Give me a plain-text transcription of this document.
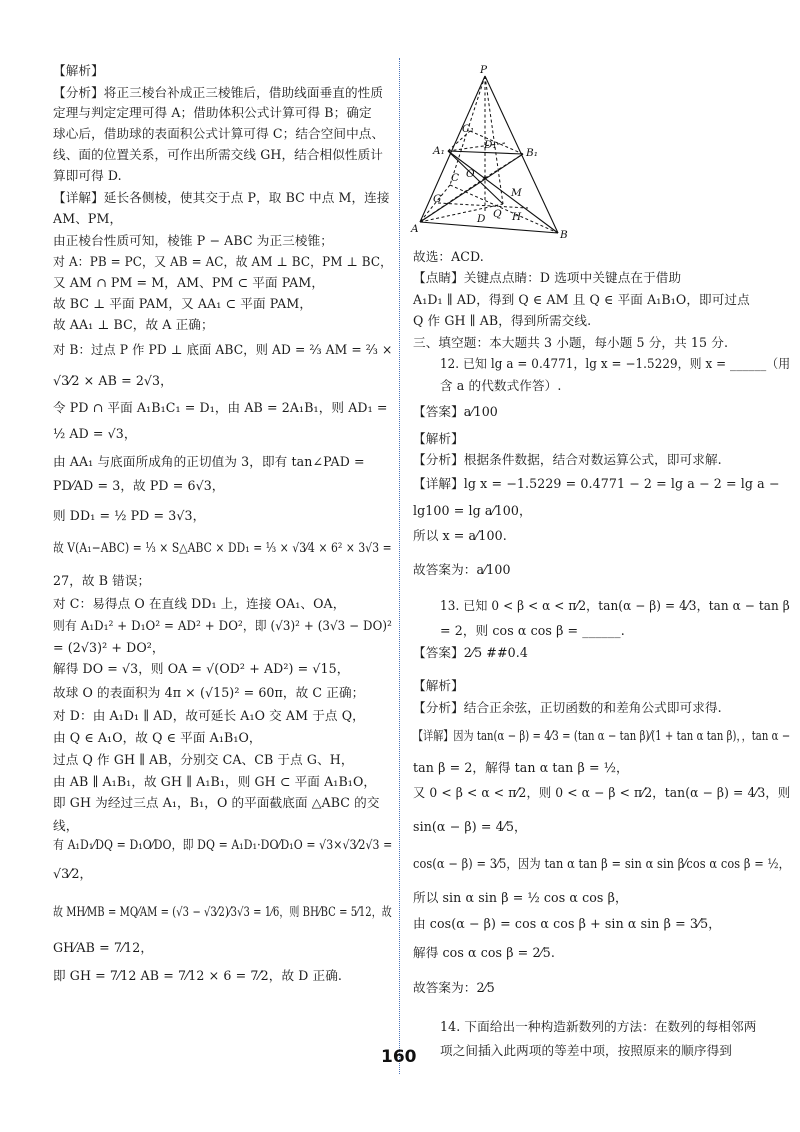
【解析】
【分析】将正三棱台补成正三棱锥后，借助线面垂直的性质
定理与判定定理可得 A；借助体积公式计算可得 B；确定
球心后，借助球的表面积公式计算可得 C；结合空间中点、
线、面的位置关系，可作出所需交线 GH，结合相似性质计
算即可得 D.
【详解】延长各侧棱，使其交于点 P，取 BC 中点 M，连接
AM、PM，
由正棱台性质可知，棱锥 P − ABC 为正三棱锥；
对 A：PB = PC，又 AB = AC，故 AM ⊥ BC，PM ⊥ BC，
又 AM ∩ PM = M，AM、PM ⊂ 平面 PAM，
故 BC ⊥ 平面 PAM，又 AA₁ ⊂ 平面 PAM，
故 AA₁ ⊥ BC，故 A 正确；
对 B：过点 P 作 PD ⊥ 底面 ABC，则 AD = ²⁄₃ AM = ²⁄₃ ×
√3⁄2 × AB = 2√3，
令 PD ∩ 平面 A₁B₁C₁ = D₁，由 AB = 2A₁B₁，则 AD₁ =
½ AD = √3，
由 AA₁ 与底面所成角的正切值为 3，即有 tan∠PAD =
PD⁄AD = 3，故 PD = 6√3，
则 DD₁ = ½ PD = 3√3，
故 V(A₁−ABC) = ⅓ × S△ABC × DD₁ = ⅓ × √3⁄4 × 6² × 3√3 =
27，故 B 错误；
对 C：易得点 O 在直线 DD₁ 上，连接 OA₁、OA，
则有 A₁D₁² + D₁O² = AD² + DO²，即 (√3)² + (3√3 − DO)²
= (2√3)² + DO²，
解得 DO = √3，则 OA = √(OD² + AD²) = √15，
故球 O 的表面积为 4π × (√15)² = 60π，故 C 正确；
对 D：由 A₁D₁ ∥ AD，故可延长 A₁O 交 AM 于点 Q，
由 Q ∈ A₁O，故 Q ∈ 平面 A₁B₁O，
过点 Q 作 GH ∥ AB，分别交 CA、CB 于点 G、H，
由 AB ∥ A₁B₁，故 GH ∥ A₁B₁，则 GH ⊂ 平面 A₁B₁O，
即 GH 为经过三点 A₁，B₁，O 的平面截底面 △ABC 的交
线，
有 A₁D₁⁄DQ = D₁O⁄DO，即 DQ = A₁D₁·DO⁄D₁O = √3×√3⁄2√3 =
√3⁄2，
故 MH⁄MB = MQ⁄AM = (√3 − √3⁄2)⁄3√3 = 1⁄6，则 BH⁄BC = 5⁄12，故
GH⁄AB = 7⁄12，
即 GH = 7⁄12 AB = 7⁄12 × 6 = 7⁄2，故 D 正确.
P
C₁
D₁
A₁	B₁
C O
M
G
D Q H
A	B
故选：ACD.
【点睛】关键点点睛：D 选项中关键点在于借助
A₁D₁ ∥ AD，得到 Q ∈ AM 且 Q ∈ 平面 A₁B₁O，即可过点
Q 作 GH ∥ AB，得到所需交线.
三、填空题：本大题共 3 小题，每小题 5 分，共 15 分.
12. 已知 lg a = 0.4771，lg x = −1.5229，则 x = ______（用
含 a 的代数式作答）.
【答案】a⁄100
【解析】
【分析】根据条件数据，结合对数运算公式，即可求解.
【详解】lg x = −1.5229 = 0.4771 − 2 = lg a − 2 = lg a −
lg100 = lg a⁄100，
所以 x = a⁄100.
故答案为：a⁄100
13. 已知 0 < β < α < π⁄2，tan(α − β) = 4⁄3，tan α − tan β
= 2，则 cos α cos β = ______.
【答案】2⁄5 ##0.4
【解析】
【分析】结合正余弦，正切函数的和差角公式即可求得.
【详解】因为 tan(α − β) = 4⁄3 = (tan α − tan β)⁄(1 + tan α tan β)，，tan α −
tan β = 2，解得 tan α tan β = ½，
又 0 < β < α < π⁄2，则 0 < α − β < π⁄2，tan(α − β) = 4⁄3，则
sin(α − β) = 4⁄5，
cos(α − β) = 3⁄5，因为 tan α tan β = sin α sin β⁄cos α cos β = ½，
所以 sin α sin β = ½ cos α cos β，
由 cos(α − β) = cos α cos β + sin α sin β = 3⁄5，
解得 cos α cos β = 2⁄5.
故答案为：2⁄5
14. 下面给出一种构造新数列的方法：在数列的每相邻两
项之间插入此两项的等差中项，按照原来的顺序得到
160
